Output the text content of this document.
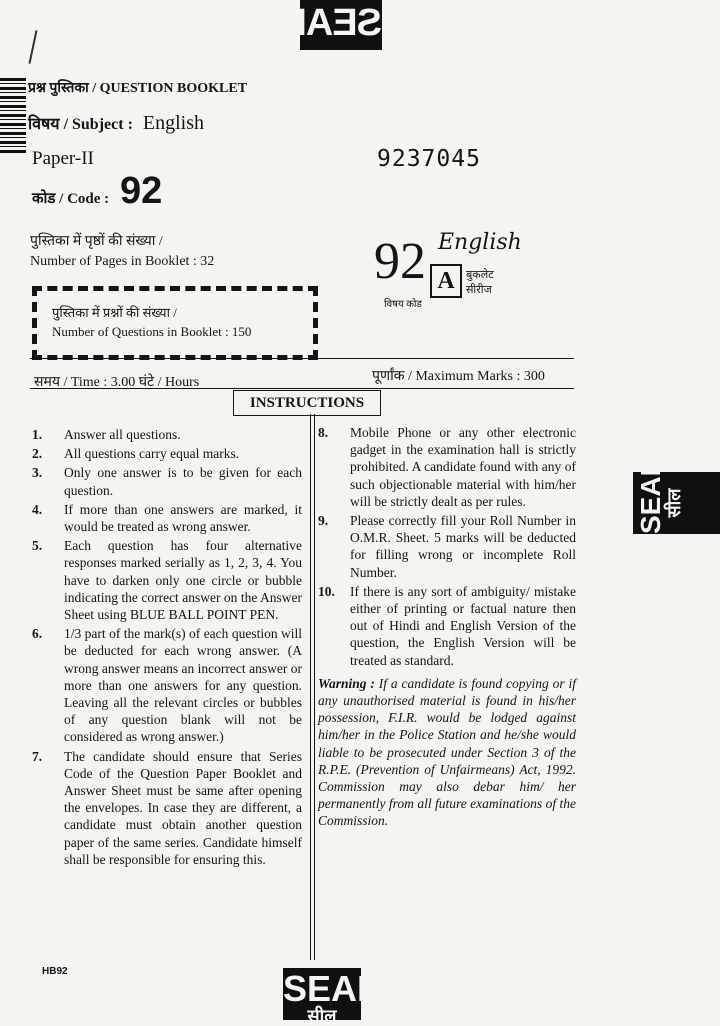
SEAL
प्रश्न पुस्तिका / QUESTION BOOKLET
विषय / Subject : English
Paper-II
कोड / Code : 92
9237045
पुस्तिका में पृष्ठों की संख्या /
Number of Pages in Booklet : 32	92 English
A
विषय कोड
बुकलेट सीरीज
पुस्तिका में प्रश्नों की संख्या /
Number of Questions in Booklet : 150
समय / Time : 3.00 घंटे / Hours	पूर्णांक / Maximum Marks : 300
INSTRUCTIONS
1.	Answer all questions.
2.	All questions carry equal marks.
3.	Only one answer is to be given for each question.
4.	If more than one answers are marked, it would be treated as wrong answer.
5.	Each question has four alternative responses marked serially as 1, 2, 3, 4. You have to darken only one circle or bubble indicating the correct answer on the Answer Sheet using BLUE BALL POINT PEN.
6.	1/3 part of the mark(s) of each question will be deducted for each wrong answer. (A wrong answer means an incorrect answer or more than one answers for any question. Leaving all the relevant circles or bubbles of any question blank will not be considered as wrong answer.)
7.	The candidate should ensure that Series Code of the Question Paper Booklet and Answer Sheet must be same after opening the envelopes. In case they are different, a candidate must obtain another question paper of the same series. Candidate himself shall be responsible for ensuring this.
8.	Mobile Phone or any other electronic gadget in the examination hall is strictly prohibited. A candidate found with any of such objectionable material with him/her will be strictly dealt as per rules.
9.	Please correctly fill your Roll Number in O.M.R. Sheet. 5 marks will be deducted for filling wrong or incomplete Roll Number.
10.	If there is any sort of ambiguity/ mistake either of printing or factual nature then out of Hindi and English Version of the question, the English Version will be treated as standard.
Warning : If a candidate is found copying or if any unauthorised material is found in his/her possession, F.I.R. would be lodged against him/her in the Police Station and he/she would liable to be prosecuted under Section 3 of the R.P.E. (Prevention of Unfairmeans) Act, 1992. Commission may also debar him/ her permanently from all future examinations of the Commission.
SEAL
सील
HB92	SEAL
सील
